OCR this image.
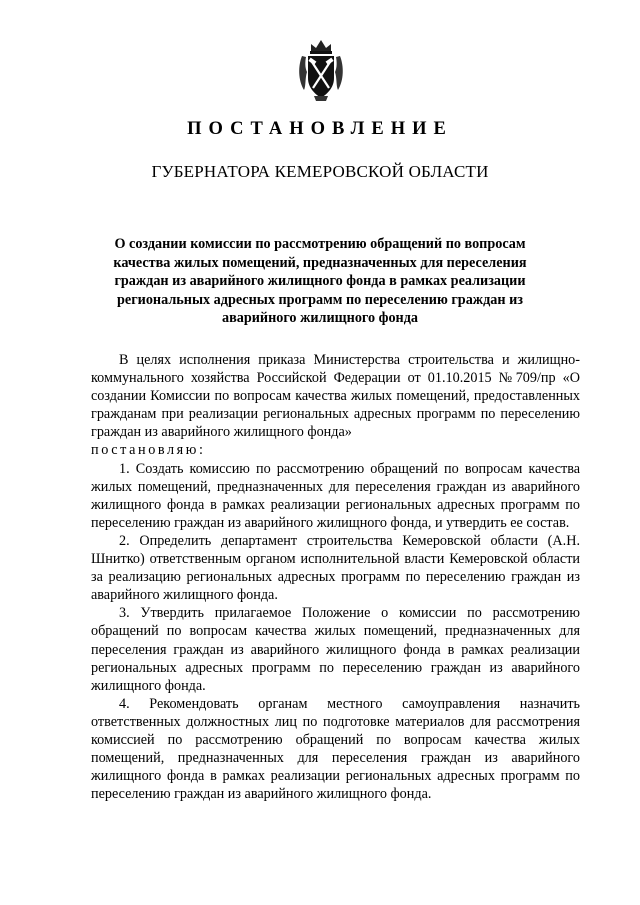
ПОСТАНОВЛЕНИЕ
ГУБЕРНАТОРА КЕМЕРОВСКОЙ ОБЛАСТИ
О создании комиссии по рассмотрению обращений по вопросам качества жилых помещений, предназначенных для переселения граждан из аварийного жилищного фонда в рамках реализации региональных адресных программ по переселению граждан из аварийного жилищного фонда

В целях исполнения приказа Министерства строительства и жилищно-коммунального хозяйства Российской Федерации от 01.10.2015 №709/пр «О создании Комиссии по вопросам качества жилых помещений, предоставленных гражданам при реализации региональных адресных программ по переселению граждан из аварийного жилищного фонда»

постановляю:

1. Создать комиссию по рассмотрению обращений по вопросам качества жилых помещений, предназначенных для переселения граждан из аварийного жилищного фонда в рамках реализации региональных адресных программ по переселению граждан из аварийного жилищного фонда, и утвердить ее состав.

2. Определить департамент строительства Кемеровской области (А.Н. Шнитко) ответственным органом исполнительной власти Кемеровской области за реализацию региональных адресных программ по переселению граждан из аварийного жилищного фонда.

3. Утвердить прилагаемое Положение о комиссии по рассмотрению обращений по вопросам качества жилых помещений, предназначенных для переселения граждан из аварийного жилищного фонда в рамках реализации региональных адресных программ по переселению граждан из аварийного жилищного фонда.

4. Рекомендовать органам местного самоуправления назначить ответственных должностных лиц по подготовке материалов для рассмотрения комиссией по рассмотрению обращений по вопросам качества жилых помещений, предназначенных для переселения граждан из аварийного жилищного фонда в рамках реализации региональных адресных программ по переселению граждан из аварийного жилищного фонда.
